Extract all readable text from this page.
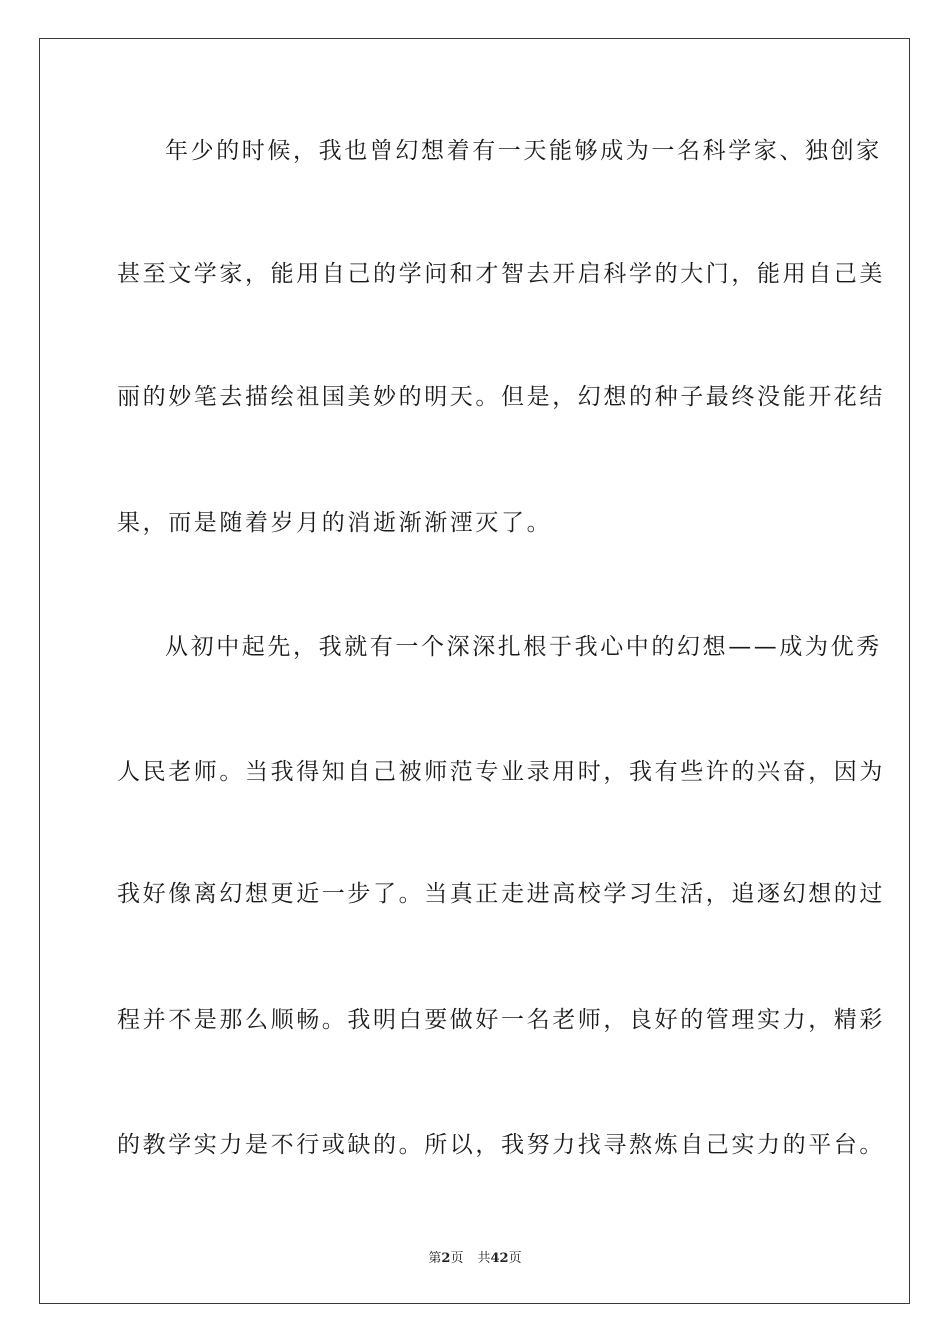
年少的时候，我也曾幻想着有一天能够成为一名科学家、独创家
甚至文学家，能用自己的学问和才智去开启科学的大门，能用自己美
丽的妙笔去描绘祖国美妙的明天。但是，幻想的种子最终没能开花结
果，而是随着岁月的消逝渐渐湮灭了。
从初中起先，我就有一个深深扎根于我心中的幻想——成为优秀
人民老师。当我得知自己被师范专业录用时，我有些许的兴奋，因为
我好像离幻想更近一步了。当真正走进高校学习生活，追逐幻想的过
程并不是那么顺畅。我明白要做好一名老师，良好的管理实力，精彩
的教学实力是不行或缺的。所以，我努力找寻熬炼自己实力的平台。
第2页 共42页
